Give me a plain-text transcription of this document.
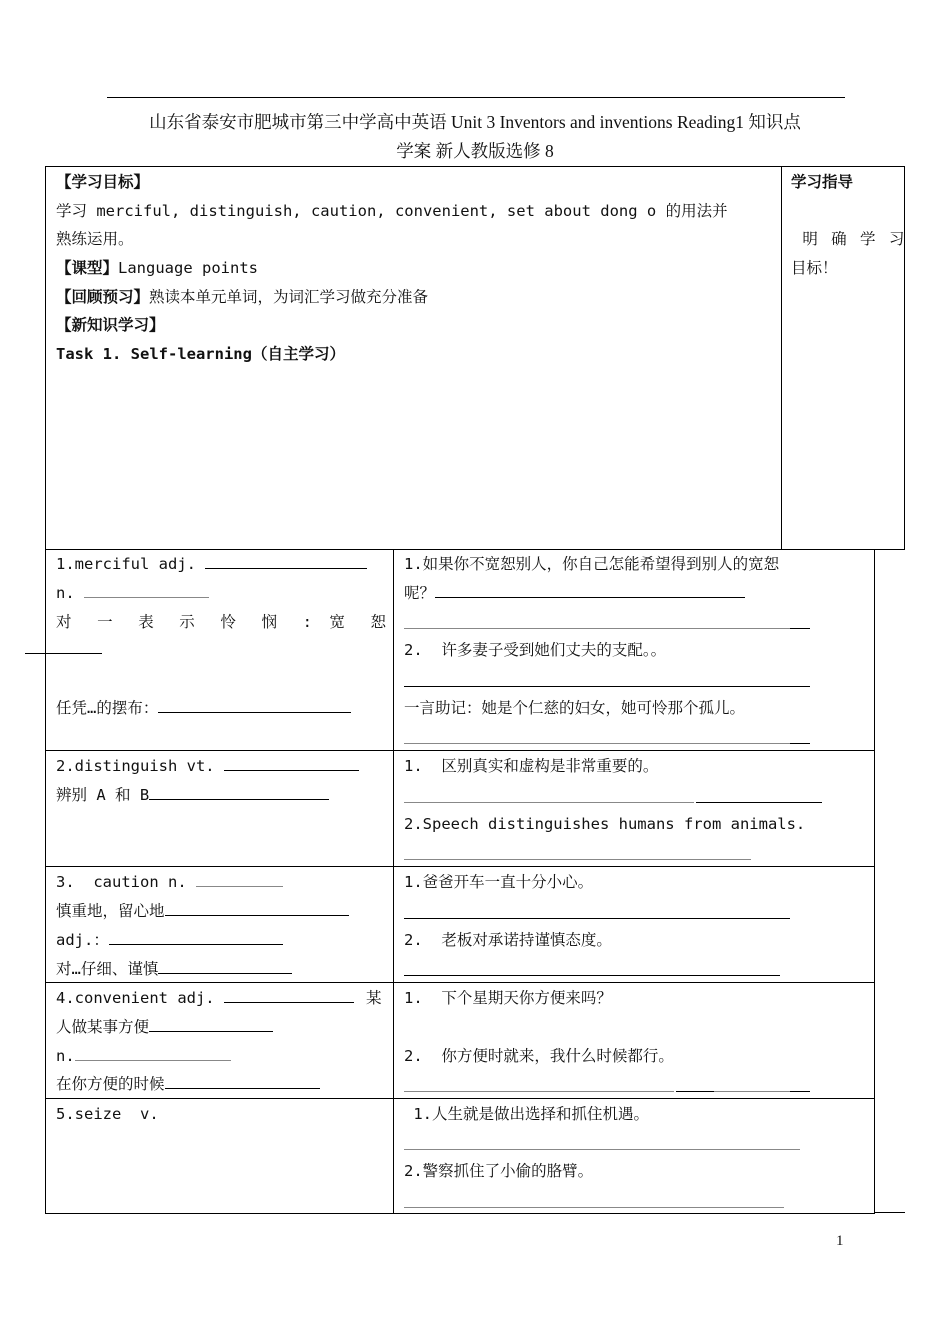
山东省泰安市肥城市第三中学高中英语 Unit 3 Inventors and inventions Reading1 知识点
学案 新人教版选修 8
【学习目标】
学习 merciful, distinguish, caution, convenient, set about dong o 的用法并
熟练运用。
【课型】Language points
【回顾预习】熟读本单元单词，为词汇学习做充分准备
【新知识学习】
Task 1. Self-learning（自主学习）
学习指导
明 确 学 习
目标！
1.merciful adj.
n.
对 一 表 示 怜 悯 : 宽 恕
任凭…的摆布：
1.如果你不宽恕别人，你自己怎能希望得到别人的宽恕
呢？
2.  许多妻子受到她们丈夫的支配。。
一言助记：她是个仁慈的妇女，她可怜那个孤儿。
2.distinguish vt.
辨别 A 和 B
1.  区别真实和虚构是非常重要的。
2.Speech distinguishes humans from animals.
3.  caution n.
慎重地，留心地
adj.：
对…仔细、谨慎
1.爸爸开车一直十分小心。
2.  老板对承诺持谨慎态度。
4.convenient adj.	某
人做某事方便
n.
在你方便的时候
1.  下个星期天你方便来吗？
2.  你方便时就来，我什么时候都行。
5.seize  v.	1.人生就是做出选择和抓住机遇。
2.警察抓住了小偷的胳臂。
1
